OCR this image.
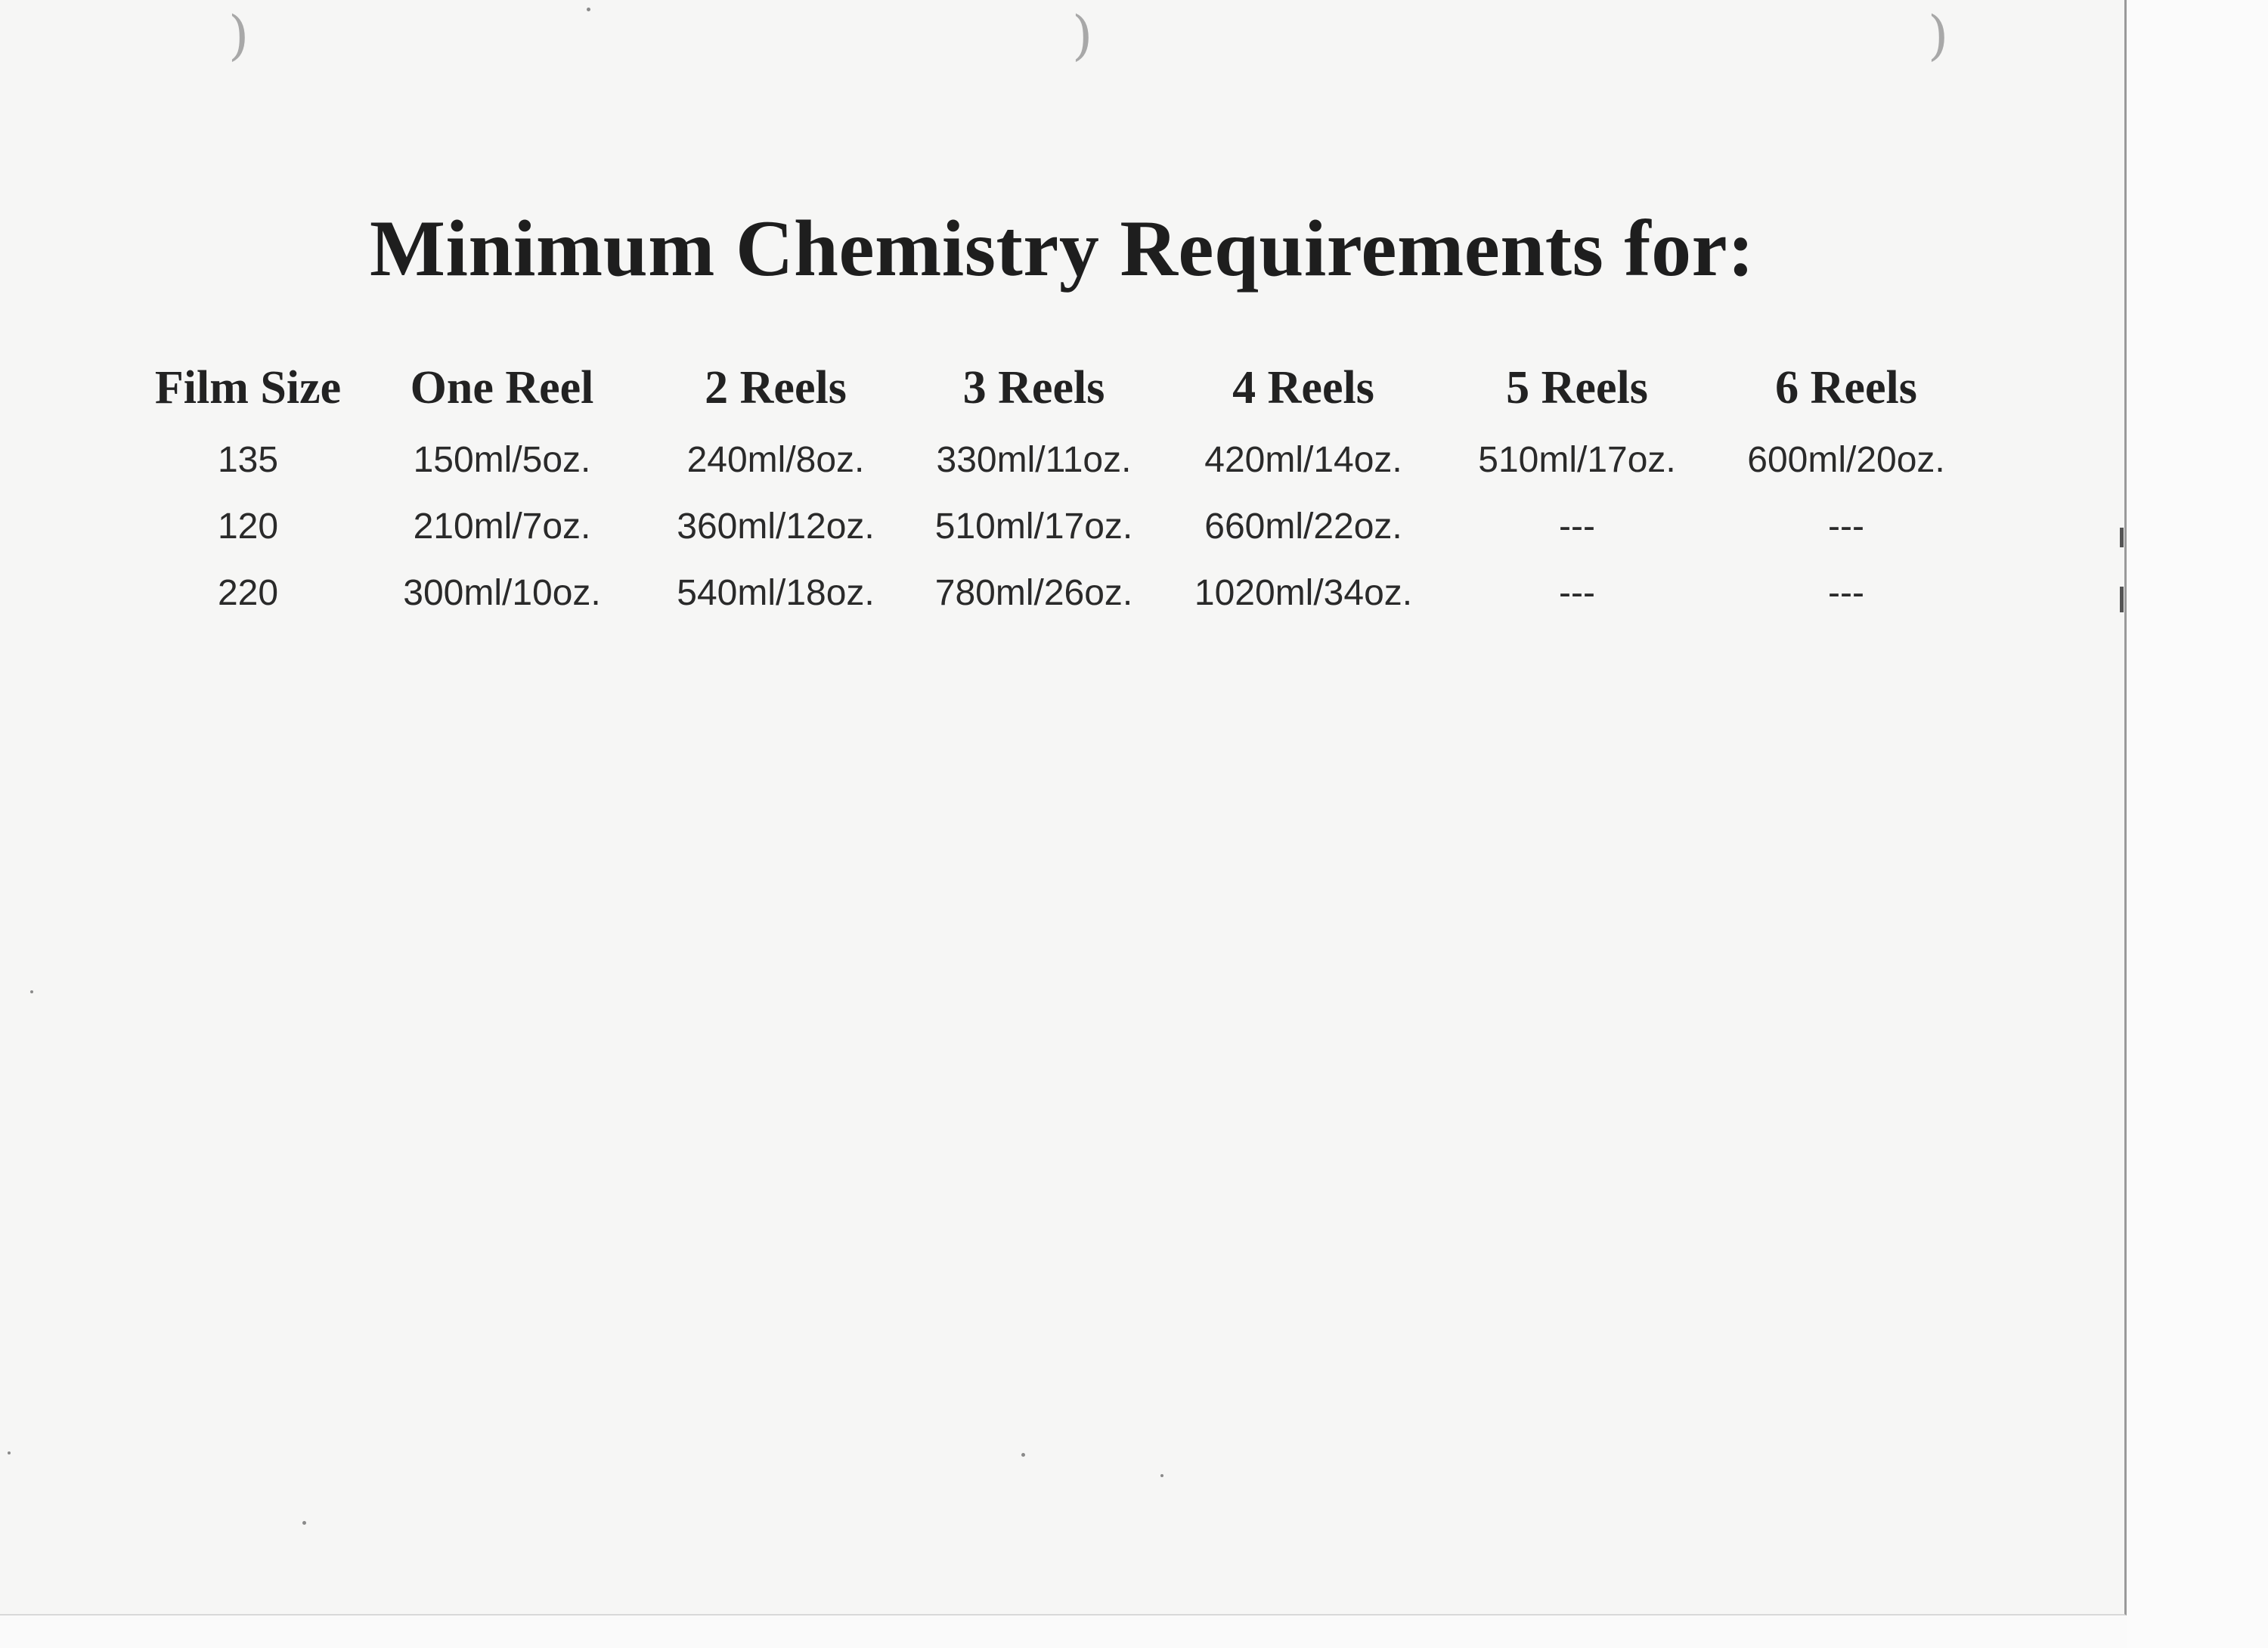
)	)	)
Minimum Chemistry Requirements for:
Film Size	One Reel	2 Reels	3 Reels	4 Reels	5 Reels	6 Reels
135	150ml/5oz.	240ml/8oz.	330ml/11oz.	420ml/14oz.	510ml/17oz.	600ml/20oz.
120	210ml/7oz.	360ml/12oz.	510ml/17oz.	660ml/22oz.	---	---
220	300ml/10oz.	540ml/18oz.	780ml/26oz.	1020ml/34oz.	---	---
